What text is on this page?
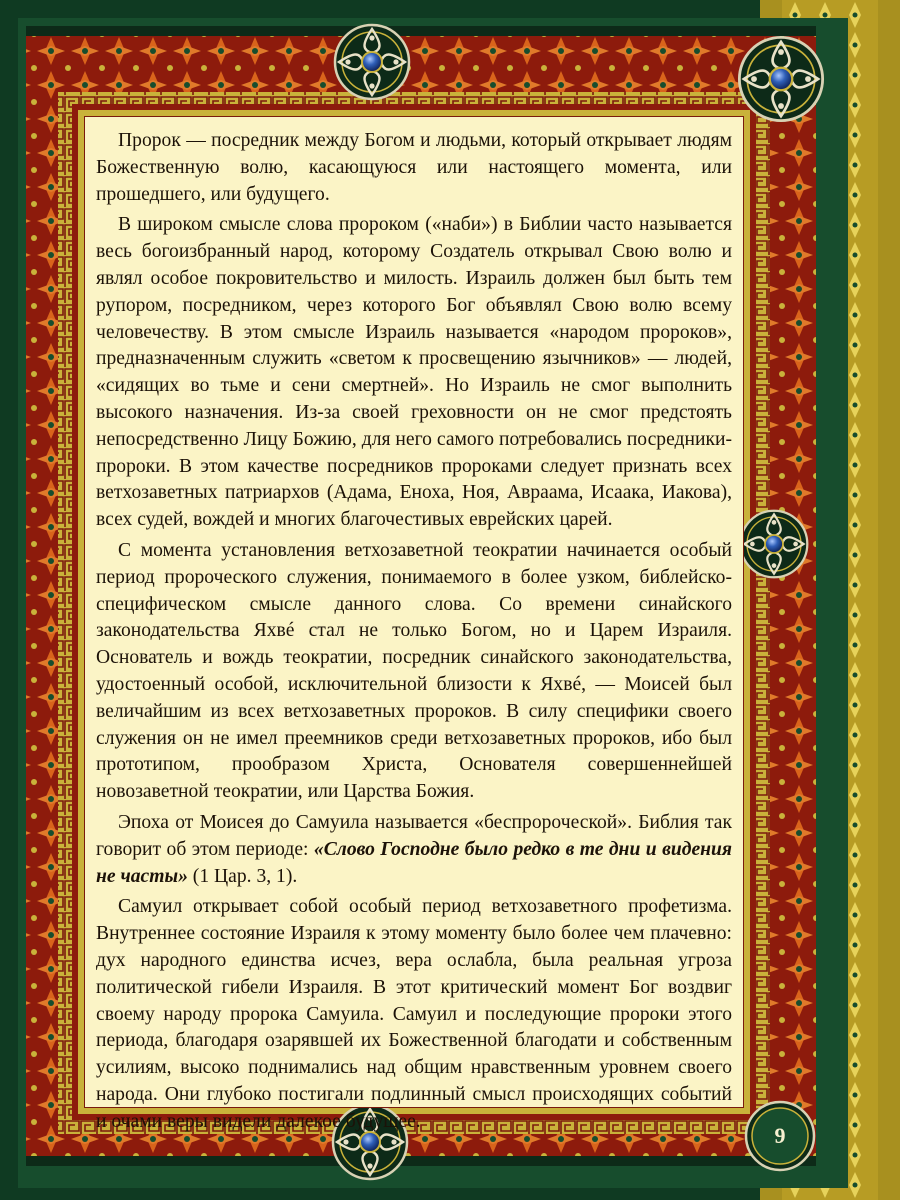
Пророк — посредник между Богом и людьми, который открывает людям Божественную волю, касающуюся или настоящего момента, или прошедшего, или будущего.

В широком смысле слова пророком («наби») в Библии часто называется весь богоизбранный народ, которому Создатель открывал Свою волю и являл особое покровительство и милость. Израиль должен был быть тем рупором, посредником, через которого Бог объявлял Свою волю всему человечеству. В этом смысле Израиль называется «народом пророков», предназначенным служить «светом к просвещению язычников» — людей, «сидящих во тьме и сени смертней». Но Израиль не смог выполнить высокого назначения. Из-за своей греховности он не смог предстоять непосредственно Лицу Божию, для него самого потребовались посредники-пророки. В этом качестве посредников пророками следует признать всех ветхозаветных патриархов (Адама, Еноха, Ноя, Авраама, Исаака, Иакова), всех судей, вождей и многих благочестивых еврейских царей.

С момента установления ветхозаветной теократии начинается особый период пророческого служения, понимаемого в более узком, библейско-специфическом смысле данного слова. Со времени синайского законодательства Яхвé стал не только Богом, но и Царем Израиля. Основатель и вождь теократии, посредник синайского законодательства, удостоенный особой, исключительной близости к Яхвé, — Моисей был величайшим из всех ветхозаветных пророков. В силу специфики своего служения он не имел преемников среди ветхозаветных пророков, ибо был прототипом, прообразом Христа, Основателя совершеннейшей новозаветной теократии, или Царства Божия.

Эпоха от Моисея до Самуила называется «беспророческой». Библия так говорит об этом периоде: «Слово Господне было редко в те дни и видения не часты» (1 Цар. 3, 1).

Самуил открывает собой особый период ветхозаветного профетизма. Внутреннее состояние Израиля к этому моменту было более чем плачевно: дух народного единства исчез, вера ослабла, была реальная угроза политической гибели Израиля. В этот критический момент Бог воздвиг своему народу пророка Самуила. Самуил и последующие пророки этого периода, благодаря озарявшей их Божественной благодати и собственным усилиям, высоко поднимались над общим нравственным уровнем своего народа. Они глубоко постигали подлинный смысл происходящих событий и очами веры видели далекое будущее.

9
